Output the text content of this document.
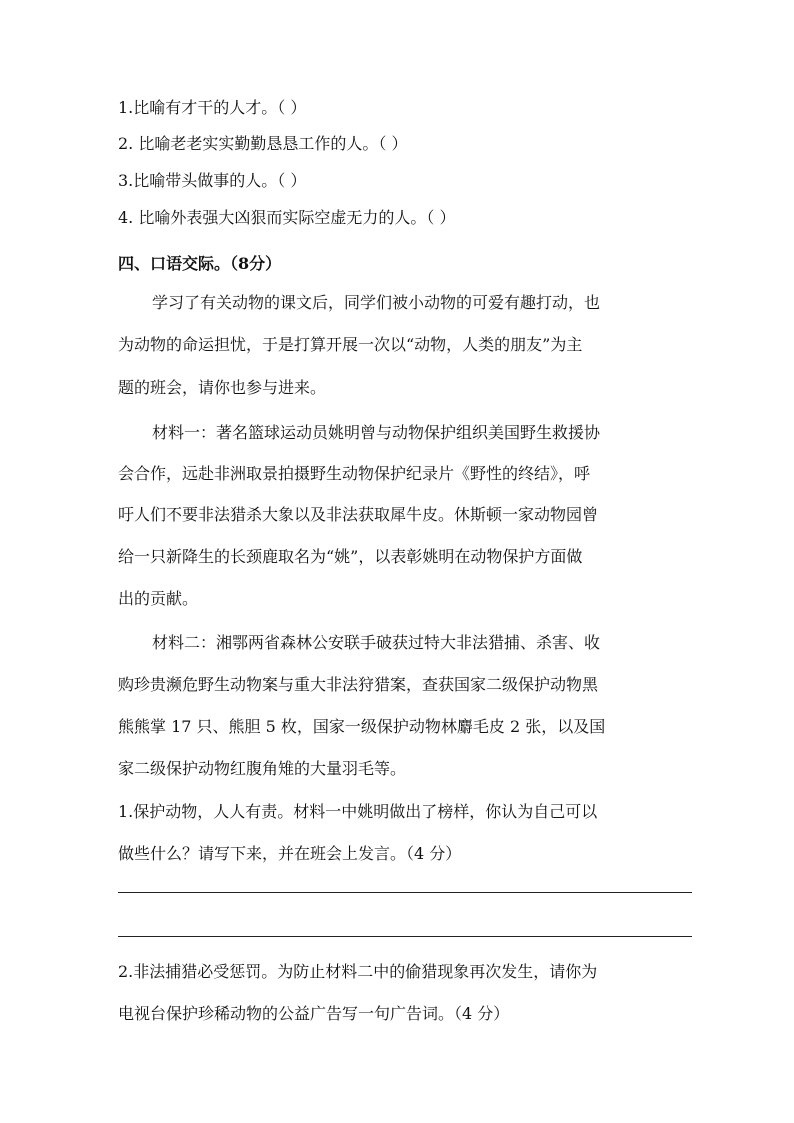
1.比喻有才干的人才。（ ）
2. 比喻老老实实勤勤恳恳工作的人。（ ）
3.比喻带头做事的人。（ ）
4. 比喻外表强大凶狠而实际空虚无力的人。（ ）
四、口语交际。（8分）
学习了有关动物的课文后，同学们被小动物的可爱有趣打动，也
为动物的命运担忧，于是打算开展一次以“动物，人类的朋友”为主
题的班会，请你也参与进来。
材料一：著名篮球运动员姚明曾与动物保护组织美国野生救援协
会合作，远赴非洲取景拍摄野生动物保护纪录片《野性的终结》，呼
吁人们不要非法猎杀大象以及非法获取犀牛皮。休斯顿一家动物园曾
给一只新降生的长颈鹿取名为“姚”，以表彰姚明在动物保护方面做
出的贡献。
材料二：湘鄂两省森林公安联手破获过特大非法猎捕、杀害、收
购珍贵濒危野生动物案与重大非法狩猎案，查获国家二级保护动物黑
熊熊掌 17 只、熊胆 5 枚，国家一级保护动物林麝毛皮 2 张，以及国
家二级保护动物红腹角雉的大量羽毛等。
1.保护动物，人人有责。材料一中姚明做出了榜样，你认为自己可以
做些什么？请写下来，并在班会上发言。（4 分）
2.非法捕猎必受惩罚。为防止材料二中的偷猎现象再次发生，请你为
电视台保护珍稀动物的公益广告写一句广告词。（4 分）
